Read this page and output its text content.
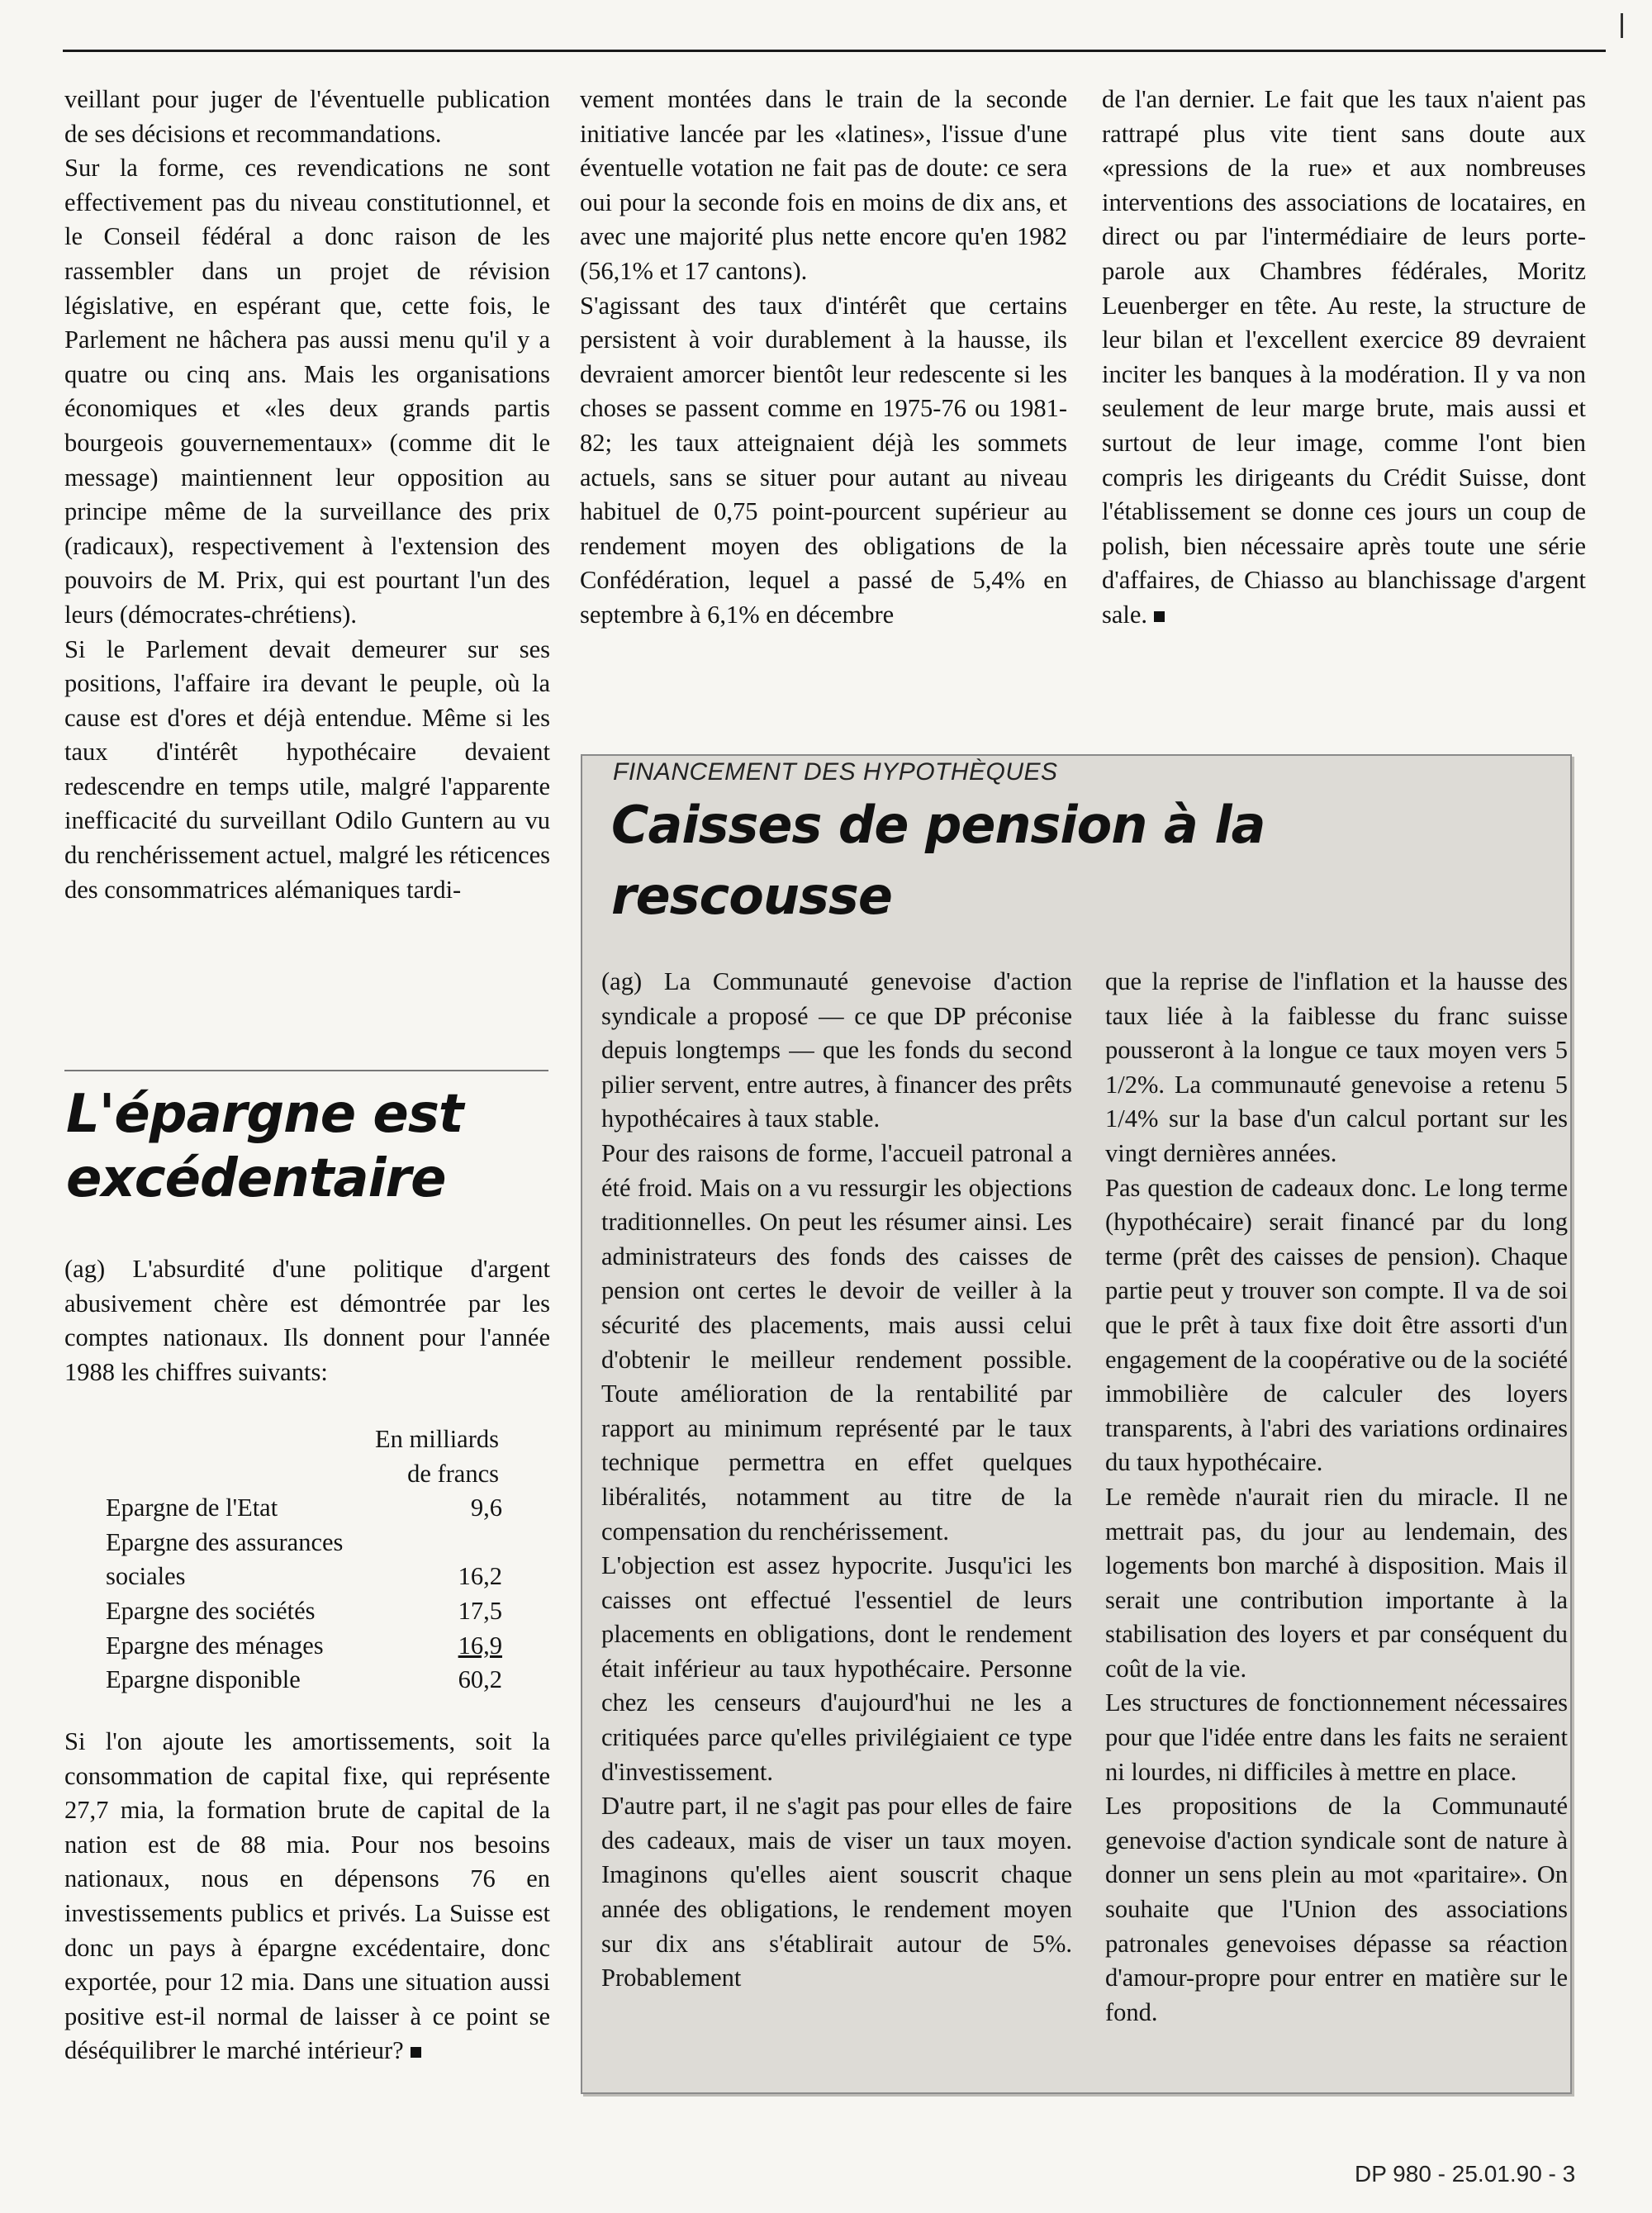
veillant pour juger de l'éventuelle publication de ses décisions et recommandations.

Sur la forme, ces revendications ne sont effectivement pas du niveau constitutionnel, et le Conseil fédéral a donc raison de les rassembler dans un projet de révision législative, en espérant que, cette fois, le Parlement ne hâchera pas aussi menu qu'il y a quatre ou cinq ans. Mais les organisations économiques et «les deux grands partis bourgeois gouvernementaux» (comme dit le message) maintiennent leur opposition au principe même de la surveillance des prix (radicaux), respectivement à l'extension des pouvoirs de M. Prix, qui est pourtant l'un des leurs (démocrates-chrétiens).

Si le Parlement devait demeurer sur ses positions, l'affaire ira devant le peuple, où la cause est d'ores et déjà entendue. Même si les taux d'intérêt hypothécaire devaient redescendre en temps utile, malgré l'apparente inefficacité du surveillant Odilo Guntern au vu du renchérissement actuel, malgré les réticences des consommatrices alémaniques tardi-

vement montées dans le train de la seconde initiative lancée par les «latines», l'issue d'une éventuelle votation ne fait pas de doute: ce sera oui pour la seconde fois en moins de dix ans, et avec une majorité plus nette encore qu'en 1982 (56,1% et 17 cantons).

S'agissant des taux d'intérêt que certains persistent à voir durablement à la hausse, ils devraient amorcer bientôt leur redescente si les choses se passent comme en 1975-76 ou 1981-82; les taux atteignaient déjà les sommets actuels, sans se situer pour autant au niveau habituel de 0,75 point-pourcent supérieur au rendement moyen des obligations de la Confédération, lequel a passé de 5,4% en septembre à 6,1% en décembre

de l'an dernier. Le fait que les taux n'aient pas rattrapé plus vite tient sans doute aux «pressions de la rue» et aux nombreuses interventions des associations de locataires, en direct ou par l'intermédiaire de leurs porte-parole aux Chambres fédérales, Moritz Leuenberger en tête. Au reste, la structure de leur bilan et l'excellent exercice 89 devraient inciter les banques à la modération. Il y va non seulement de leur marge brute, mais aussi et surtout de leur image, comme l'ont bien compris les dirigeants du Crédit Suisse, dont l'établissement se donne ces jours un coup de polish, bien nécessaire après toute une série d'affaires, de Chiasso au blanchissage d'argent sale.

L'épargne est excédentaire
(ag) L'absurdité d'une politique d'argent abusivement chère est démontrée par les comptes nationaux. Ils donnent pour l'année 1988 les chiffres suivants:
En milliards
de francs
Epargne de l'Etat	9,6
Epargne des assurances
sociales	16,2
Epargne des sociétés	17,5
Epargne des ménages	16,9
Epargne disponible	60,2

Si l'on ajoute les amortissements, soit la consommation de capital fixe, qui représente 27,7 mia, la formation brute de capital de la nation est de 88 mia. Pour nos besoins nationaux, nous en dépensons 76 en investissements publics et privés. La Suisse est donc un pays à épargne excédentaire, donc exportée, pour 12 mia. Dans une situation aussi positive est-il normal de laisser à ce point se déséquilibrer le marché intérieur?

FINANCEMENT DES HYPOTHÈQUES
Caisses de pension à la rescousse

(ag) La Communauté genevoise d'action syndicale a proposé — ce que DP préconise depuis longtemps — que les fonds du second pilier servent, entre autres, à financer des prêts hypothécaires à taux stable.

Pour des raisons de forme, l'accueil patronal a été froid. Mais on a vu ressurgir les objections traditionnelles. On peut les résumer ainsi. Les administrateurs des fonds des caisses de pension ont certes le devoir de veiller à la sécurité des placements, mais aussi celui d'obtenir le meilleur rendement possible. Toute amélioration de la rentabilité par rapport au minimum représenté par le taux technique permettra en effet quelques libéralités, notamment au titre de la compensation du renchérissement.

L'objection est assez hypocrite. Jusqu'ici les caisses ont effectué l'essentiel de leurs placements en obligations, dont le rendement était inférieur au taux hypothécaire. Personne chez les censeurs d'aujourd'hui ne les a critiquées parce qu'elles privilégiaient ce type d'investissement.

D'autre part, il ne s'agit pas pour elles de faire des cadeaux, mais de viser un taux moyen. Imaginons qu'elles aient souscrit chaque année des obligations, le rendement moyen sur dix ans s'établirait autour de 5%. Probablement

que la reprise de l'inflation et la hausse des taux liée à la faiblesse du franc suisse pousseront à la longue ce taux moyen vers 5 1/2%. La communauté genevoise a retenu 5 1/4% sur la base d'un calcul portant sur les vingt dernières années.

Pas question de cadeaux donc. Le long terme (hypothécaire) serait financé par du long terme (prêt des caisses de pension). Chaque partie peut y trouver son compte. Il va de soi que le prêt à taux fixe doit être assorti d'un engagement de la coopérative ou de la société immobilière de calculer des loyers transparents, à l'abri des variations ordinaires du taux hypothécaire.

Le remède n'aurait rien du miracle. Il ne mettrait pas, du jour au lendemain, des logements bon marché à disposition. Mais il serait une contribution importante à la stabilisation des loyers et par conséquent du coût de la vie.

Les structures de fonctionnement nécessaires pour que l'idée entre dans les faits ne seraient ni lourdes, ni difficiles à mettre en place.

Les propositions de la Communauté genevoise d'action syndicale sont de nature à donner un sens plein au mot «paritaire». On souhaite que l'Union des associations patronales genevoises dépasse sa réaction d'amour-propre pour entrer en matière sur le fond.

DP 980 - 25.01.90 - 3
